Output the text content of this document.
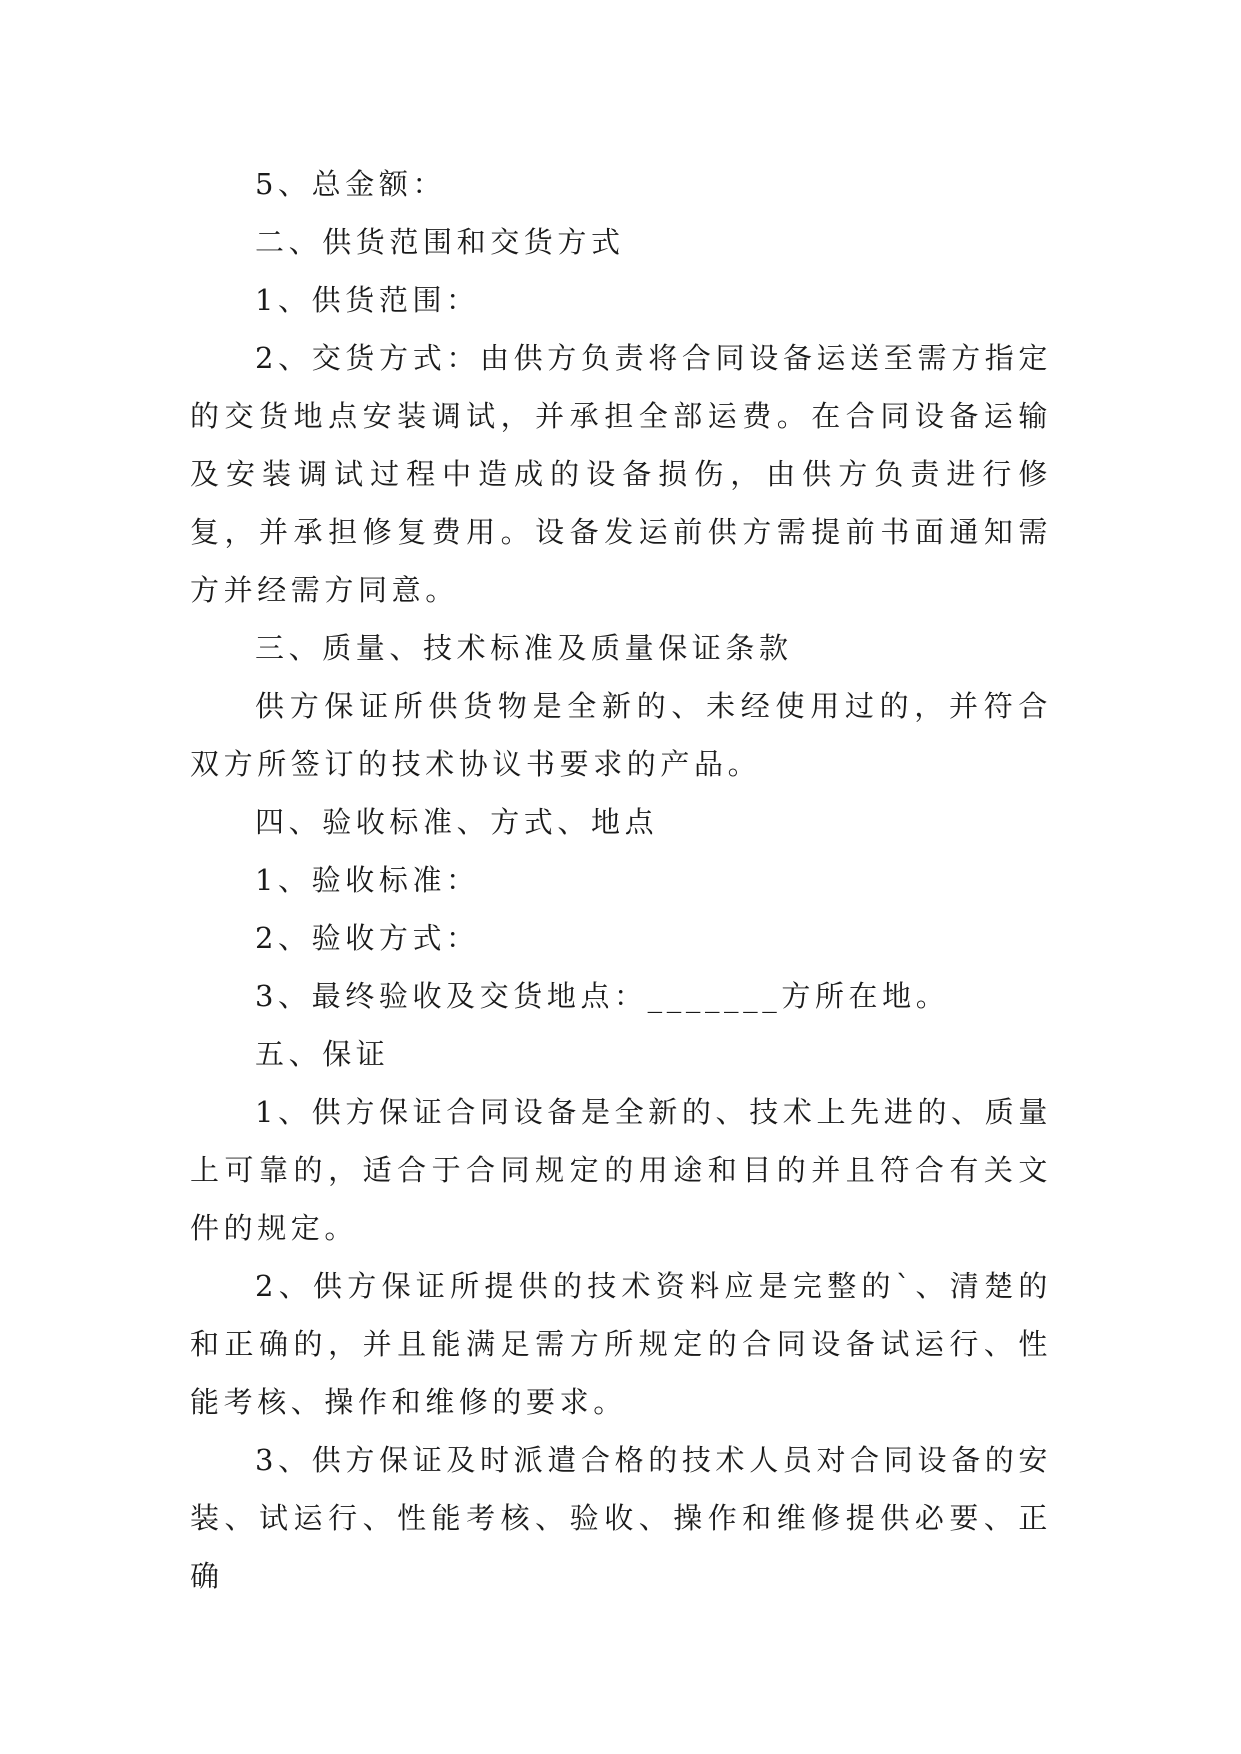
5、总金额：

二、供货范围和交货方式

1、供货范围：

2、交货方式：由供方负责将合同设备运送至需方指定的交货地点安装调试，并承担全部运费。在合同设备运输及安装调试过程中造成的设备损伤，由供方负责进行修复，并承担修复费用。设备发运前供方需提前书面通知需方并经需方同意。

三、质量、技术标准及质量保证条款

供方保证所供货物是全新的、未经使用过的，并符合双方所签订的技术协议书要求的产品。

四、验收标准、方式、地点

1、验收标准：

2、验收方式：

3、最终验收及交货地点：_______方所在地。

五、保证

1、供方保证合同设备是全新的、技术上先进的、质量上可靠的，适合于合同规定的用途和目的并且符合有关文件的规定。

2、供方保证所提供的技术资料应是完整的`、清楚的和正确的，并且能满足需方所规定的合同设备试运行、性能考核、操作和维修的要求。

3、供方保证及时派遣合格的技术人员对合同设备的安装、试运行、性能考核、验收、操作和维修提供必要、正确
